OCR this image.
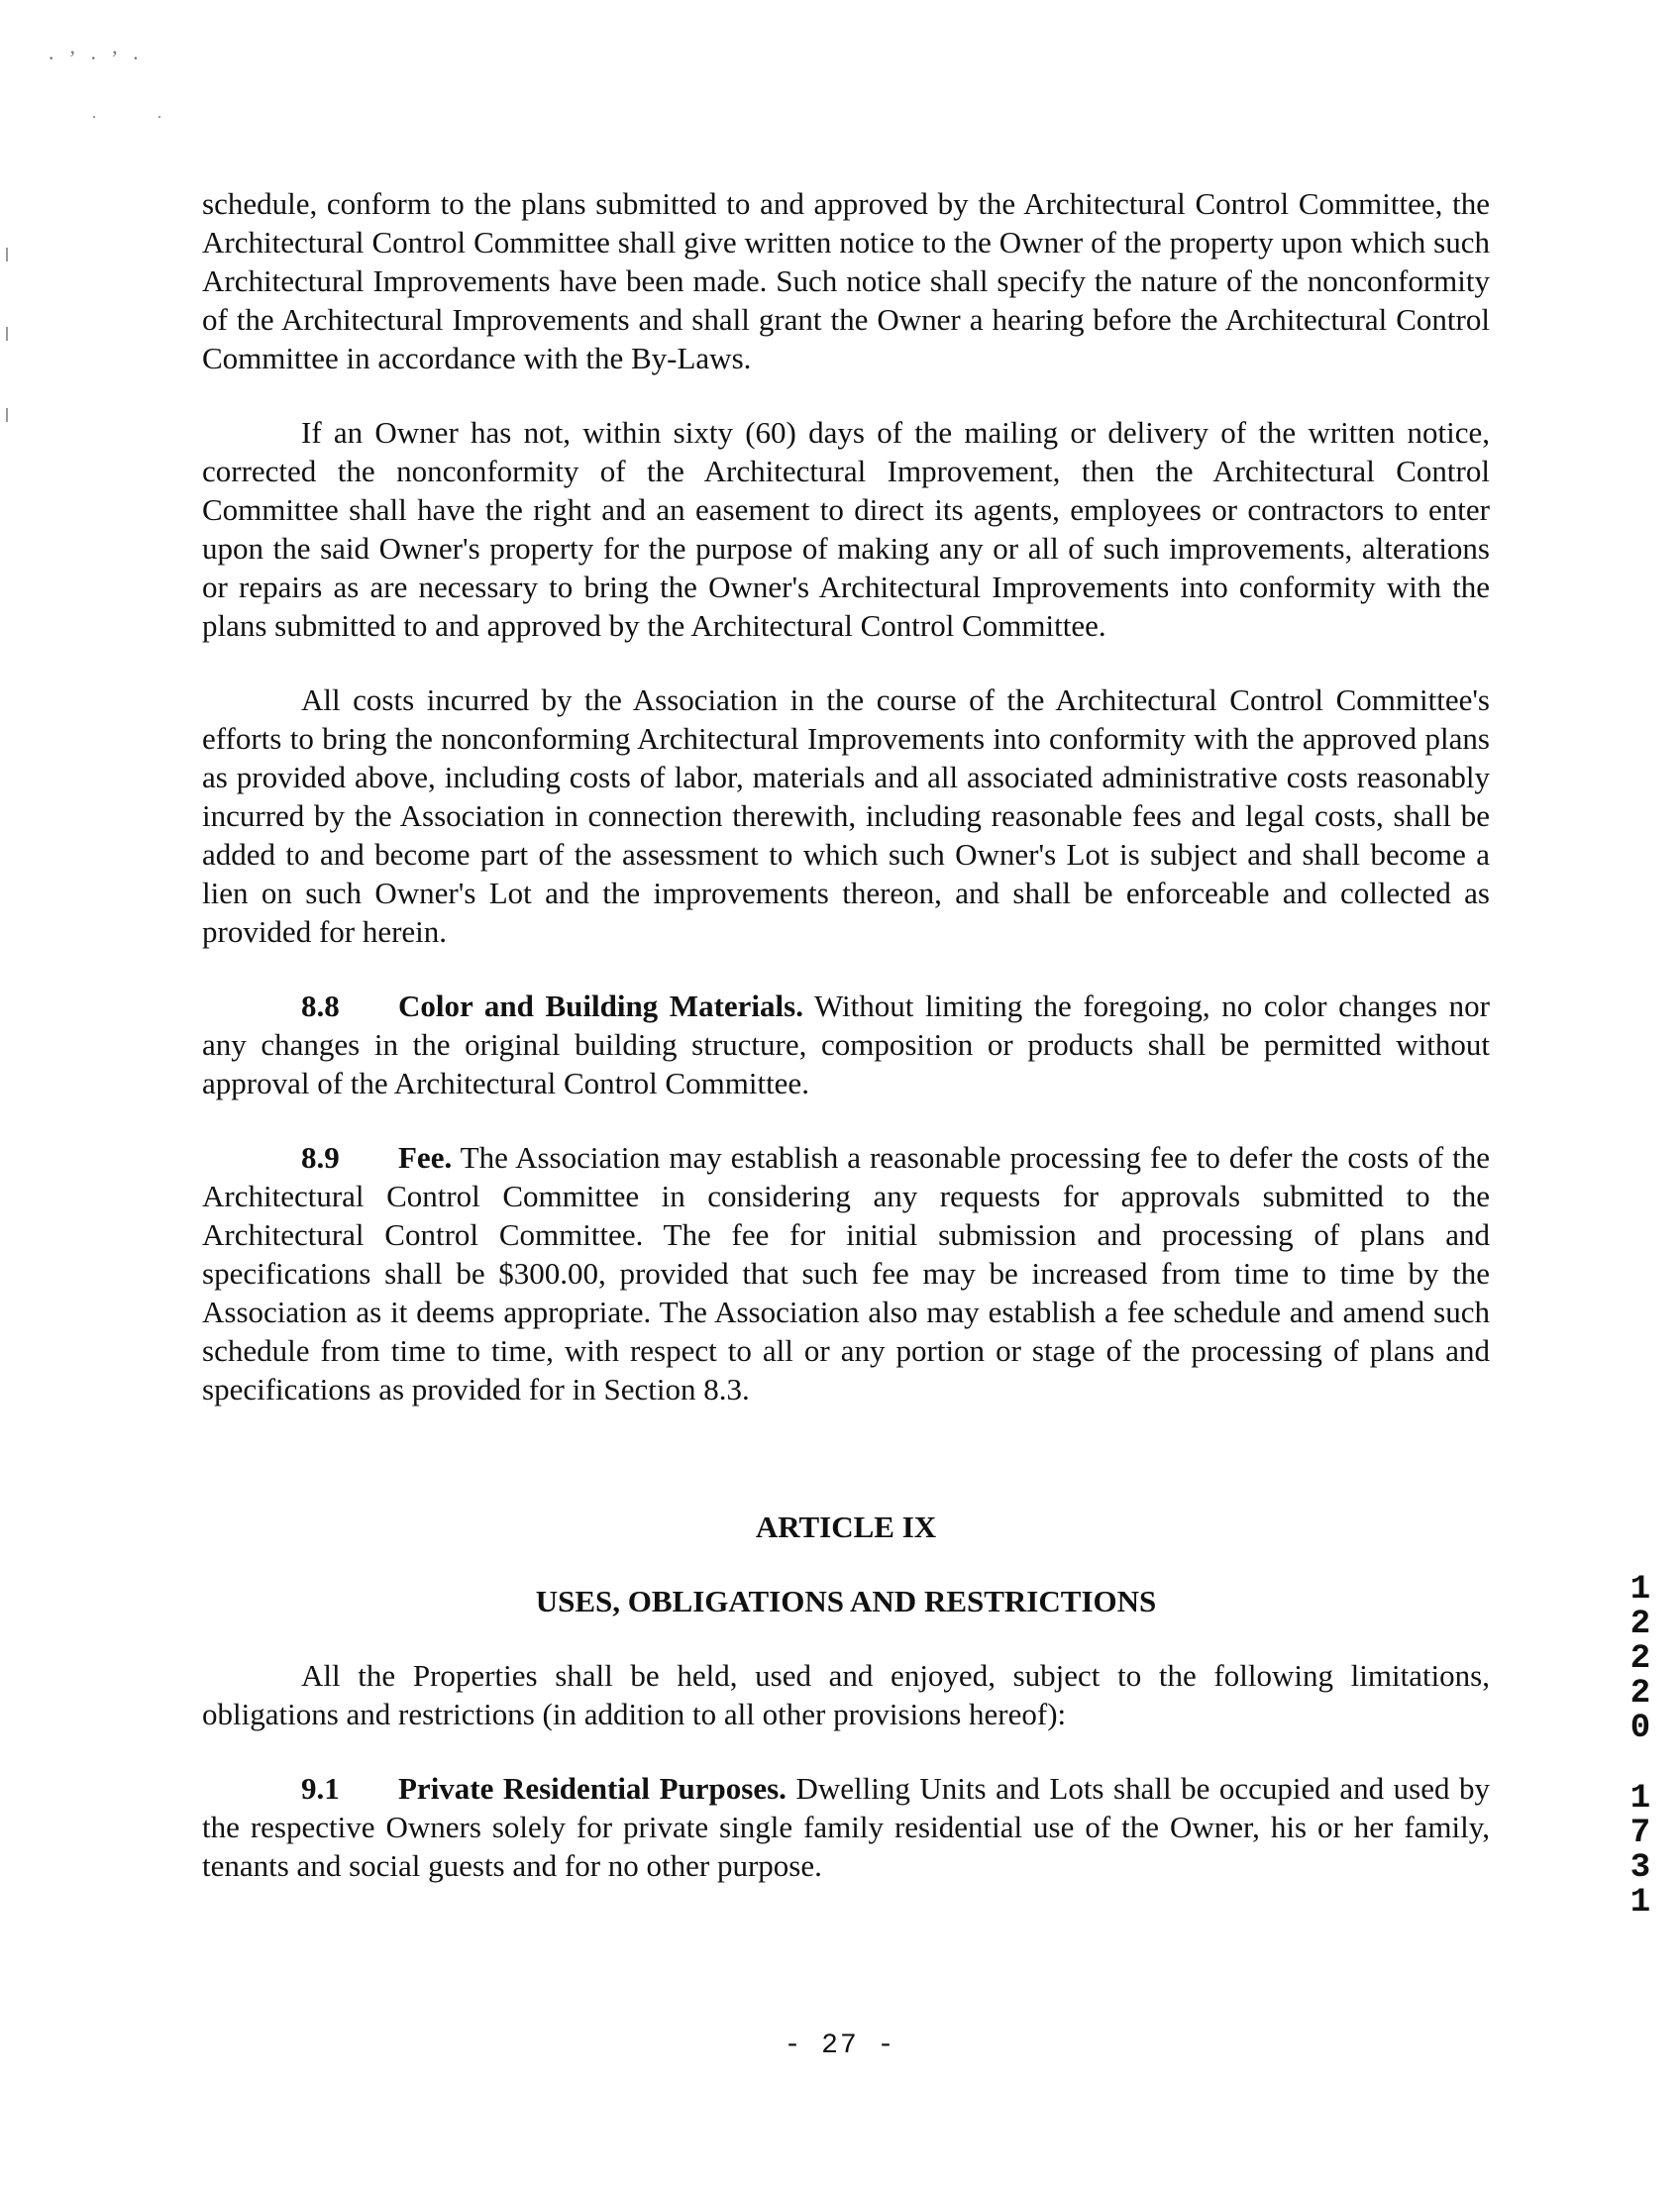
·’·’·
··

schedule, conform to the plans submitted to and approved by the Architectural Control Committee, the Architectural Control Committee shall give written notice to the Owner of the property upon which such Architectural Improvements have been made. Such notice shall specify the nature of the nonconformity of the Architectural Improvements and shall grant the Owner a hearing before the Architectural Control Committee in accordance with the By-Laws.

If an Owner has not, within sixty (60) days of the mailing or delivery of the written notice, corrected the nonconformity of the Architectural Improvement, then the Architectural Control Committee shall have the right and an easement to direct its agents, employees or contractors to enter upon the said Owner's property for the purpose of making any or all of such improvements, alterations or repairs as are necessary to bring the Owner's Architectural Improvements into conformity with the plans submitted to and approved by the Architectural Control Committee.

All costs incurred by the Association in the course of the Architectural Control Committee's efforts to bring the nonconforming Architectural Improvements into conformity with the approved plans as provided above, including costs of labor, materials and all associated administrative costs reasonably incurred by the Association in connection therewith, including reasonable fees and legal costs, shall be added to and become part of the assessment to which such Owner's Lot is subject and shall become a lien on such Owner's Lot and the improvements thereon, and shall be enforceable and collected as provided for herein.

8.8 Color and Building Materials. Without limiting the foregoing, no color changes nor any changes in the original building structure, composition or products shall be permitted without approval of the Architectural Control Committee.

8.9 Fee. The Association may establish a reasonable processing fee to defer the costs of the Architectural Control Committee in considering any requests for approvals submitted to the Architectural Control Committee. The fee for initial submission and processing of plans and specifications shall be $300.00, provided that such fee may be increased from time to time by the Association as it deems appropriate. The Association also may establish a fee schedule and amend such schedule from time to time, with respect to all or any portion or stage of the processing of plans and specifications as provided for in Section 8.3.

ARTICLE IX

USES, OBLIGATIONS AND RESTRICTIONS

All the Properties shall be held, used and enjoyed, subject to the following limitations, obligations and restrictions (in addition to all other provisions hereof):

9.1 Private Residential Purposes. Dwelling Units and Lots shall be occupied and used by the respective Owners solely for private single family residential use of the Owner, his or her family, tenants and social guests and for no other purpose.

1
2
2
2
0
1
7
3
1
- 27 -
